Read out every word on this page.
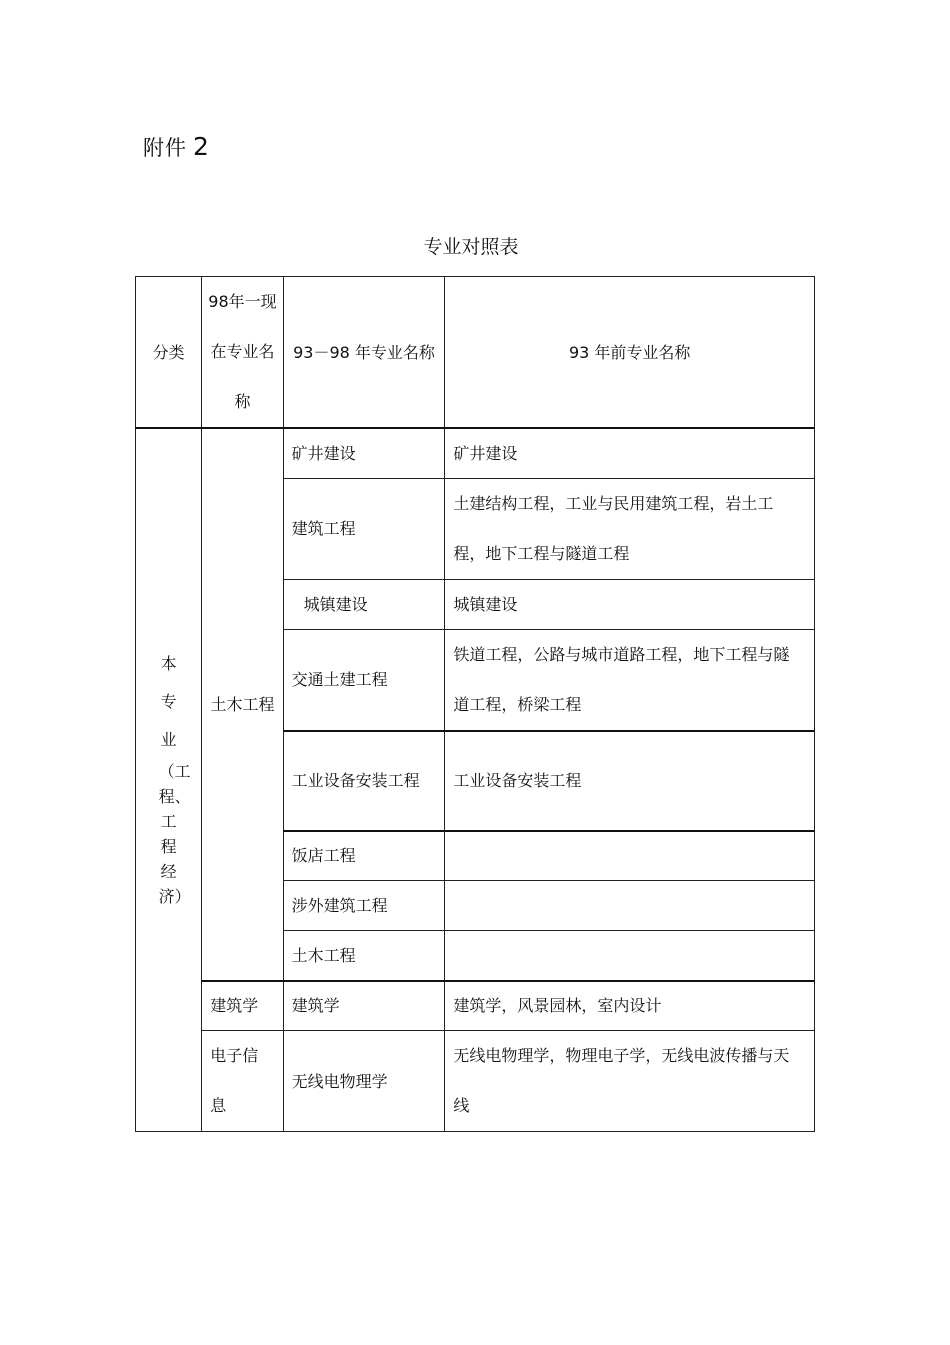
附件 2
专业对照表
分类	98年一现在专业名称	93－98 年专业名称	93 年前专业名称
本
专
业
（工程、工程经济）	土木工程	矿井建设	矿井建设
		建筑工程	土建结构工程，工业与民用建筑工程，岩土工程，地下工程与隧道工程
		城镇建设	城镇建设
		交通土建工程	铁道工程，公路与城市道路工程，地下工程与隧道工程，桥梁工程
		工业设备安装工程	工业设备安装工程
		饭店工程	
		涉外建筑工程	
		土木工程	
	建筑学	建筑学	建筑学，风景园林，室内设计
	电子信息	无线电物理学	无线电物理学，物理电子学，无线电波传播与天线
